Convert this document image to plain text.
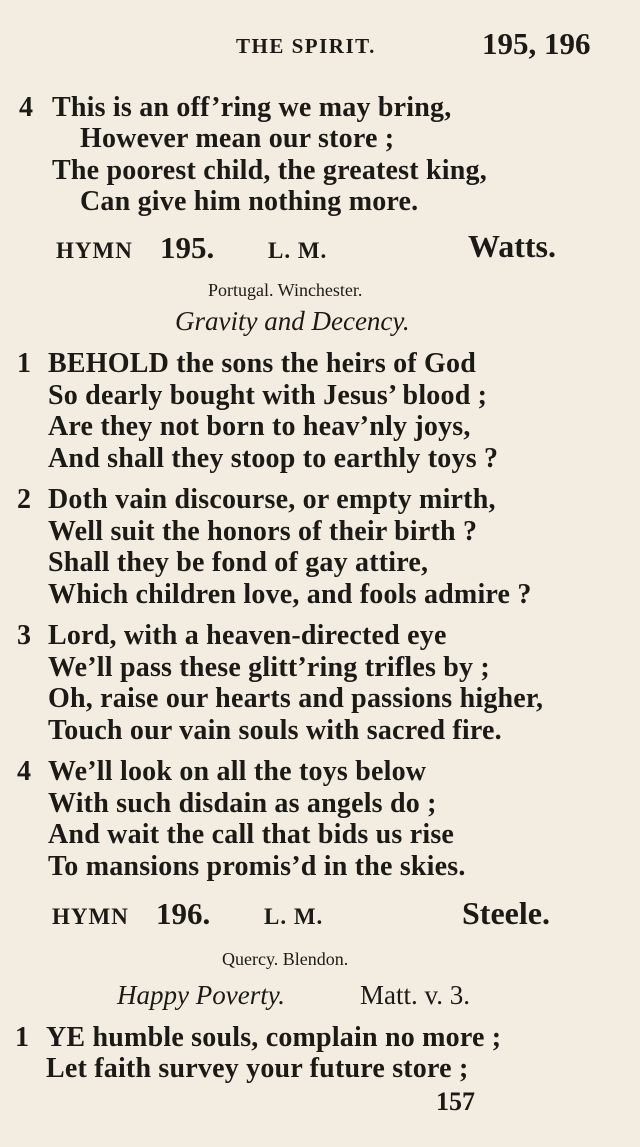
THE SPIRIT.	195, 196
4 This is an off’ring we may bring,
However mean our store ;
The poorest child, the greatest king,
Can give him nothing more.
HYMN 195. L. M.	Watts.
Portugal. Winchester.
Gravity and Decency.
1 BEHOLD the sons the heirs of God
So dearly bought with Jesus’ blood ;
Are they not born to heav’nly joys,
And shall they stoop to earthly toys ?
2 Doth vain discourse, or empty mirth,
Well suit the honors of their birth ?
Shall they be fond of gay attire,
Which children love, and fools admire ?
3 Lord, with a heaven-directed eye
We’ll pass these glitt’ring trifles by ;
Oh, raise our hearts and passions higher,
Touch our vain souls with sacred fire.
4 We’ll look on all the toys below
With such disdain as angels do ;
And wait the call that bids us rise
To mansions promis’d in the skies.
HYMN 196. L. M.	Steele.
Quercy. Blendon.
Happy Poverty.	Matt. v. 3.
1 YE humble souls, complain no more ;
Let faith survey your future store ;
157
